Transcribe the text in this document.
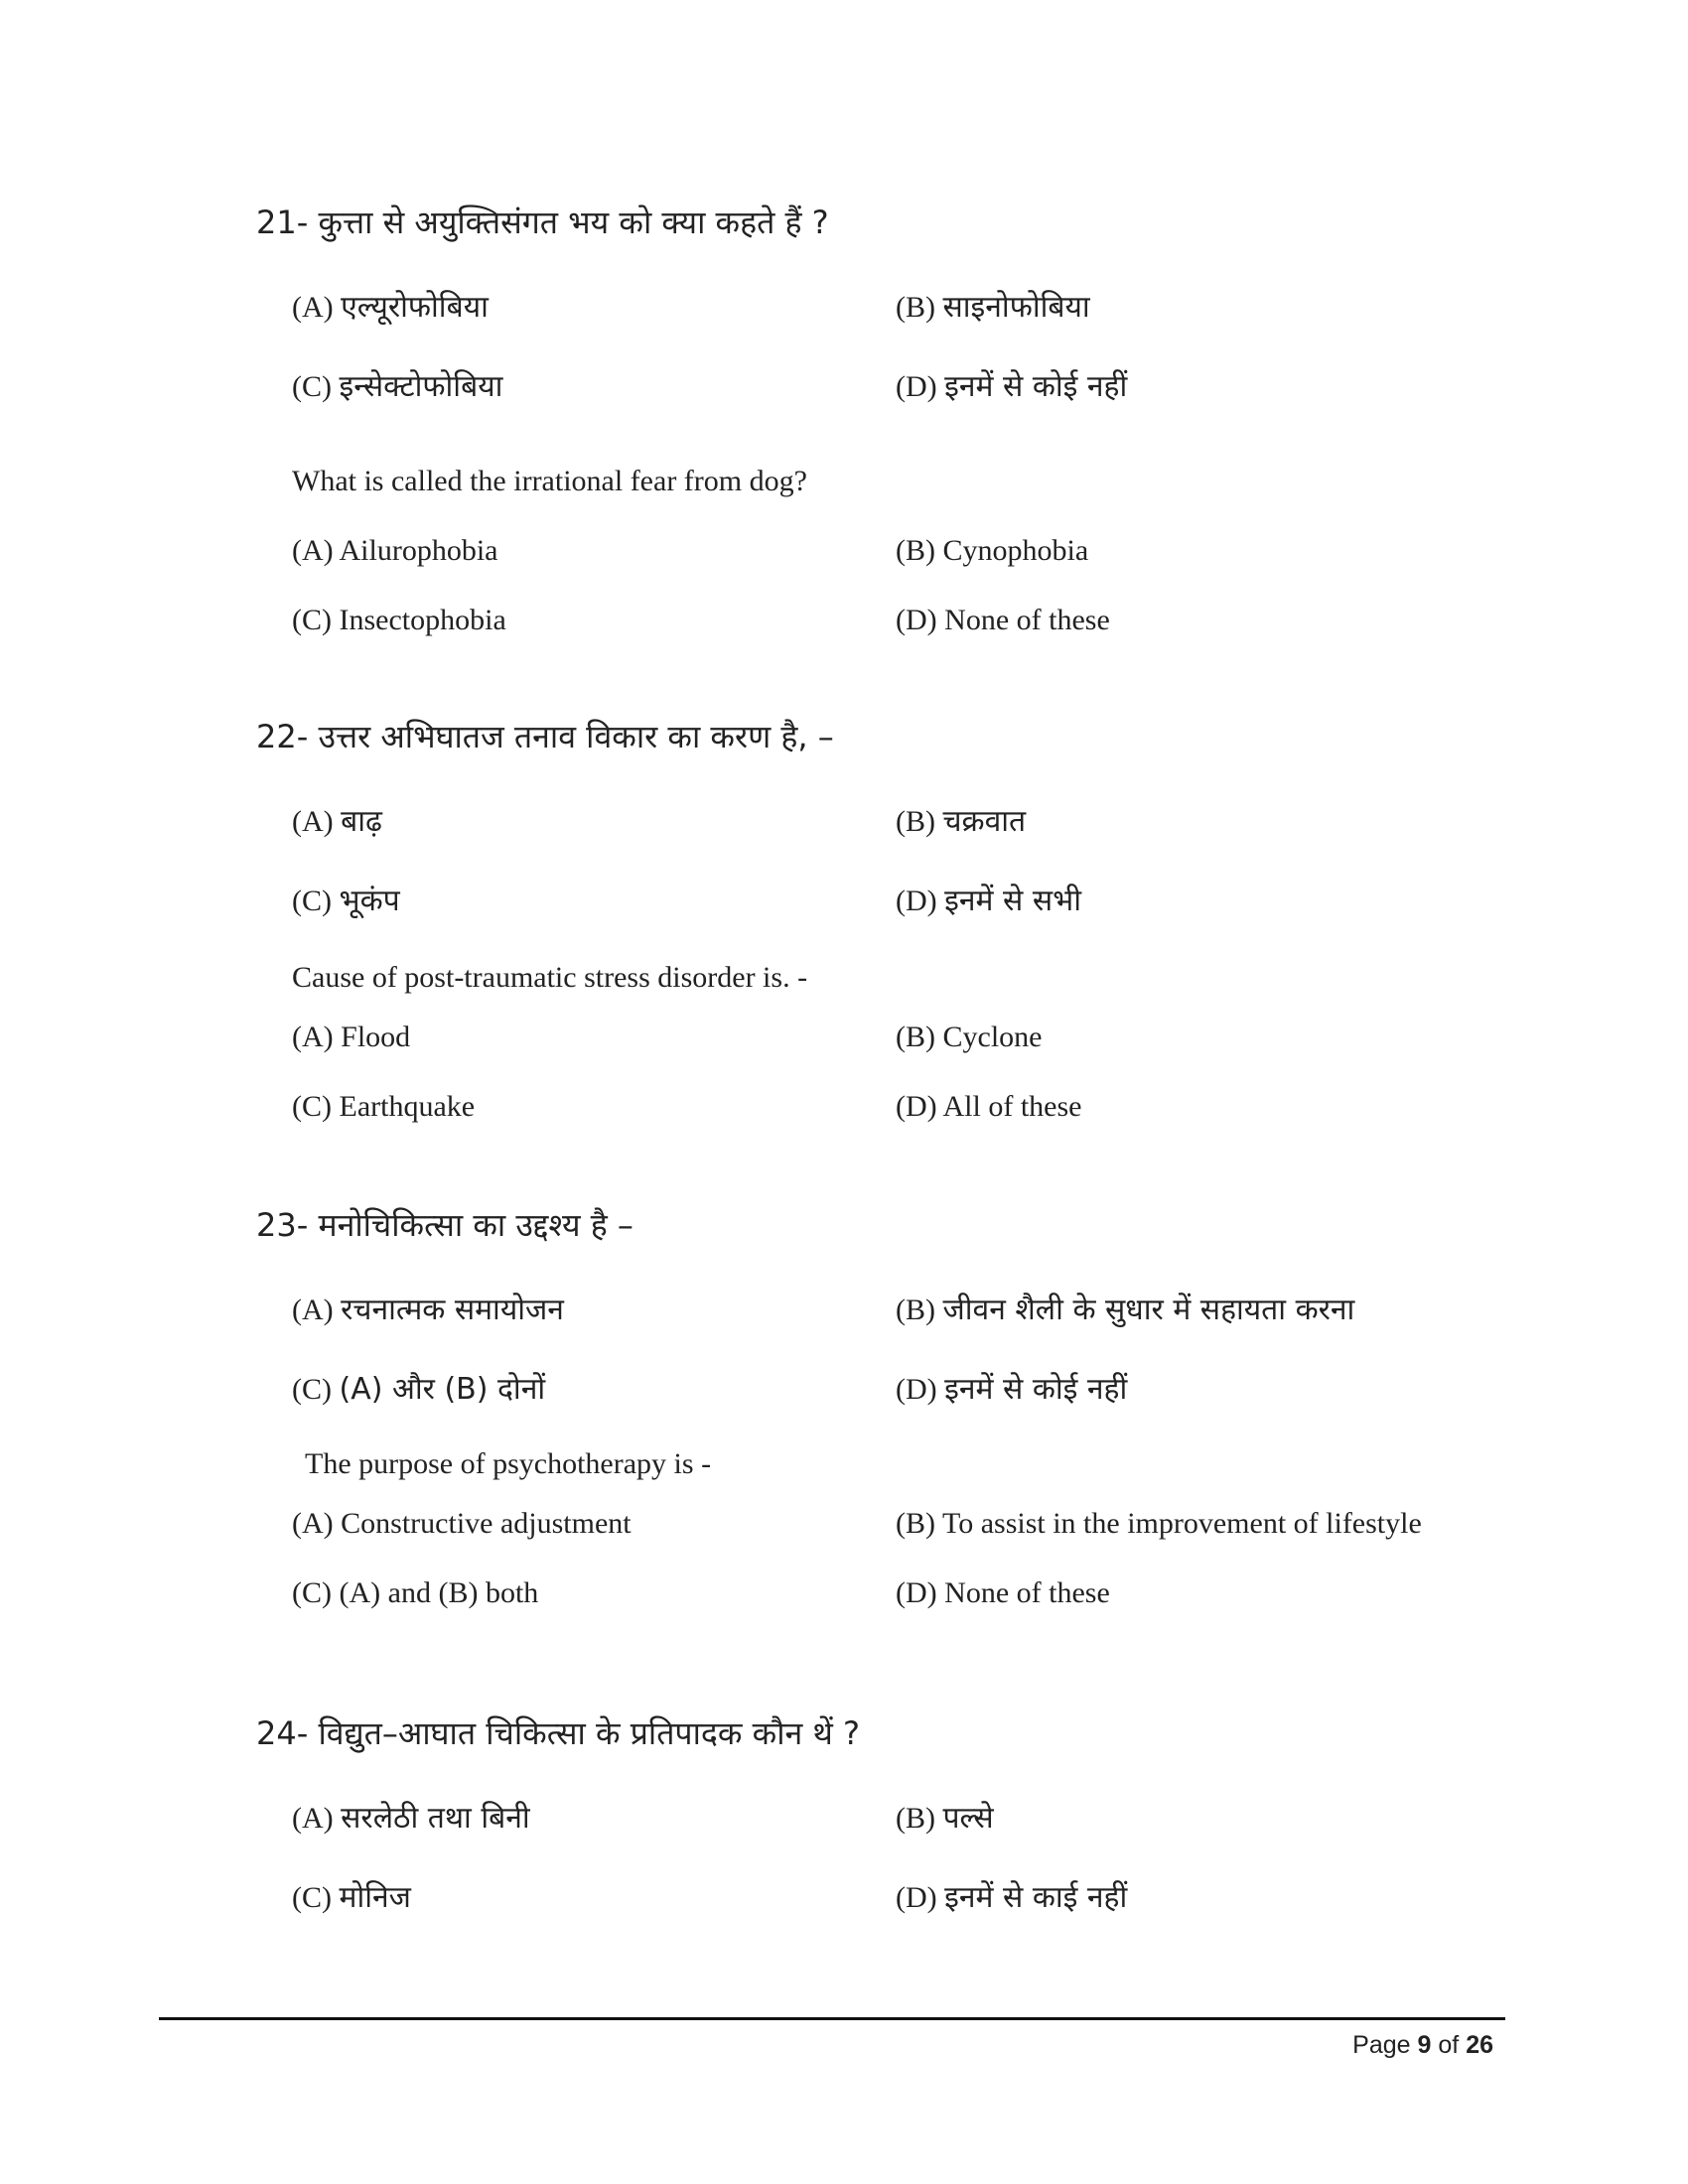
21- कुत्ता से अयुक्तिसंगत भय को क्या कहते हैं ?
(A) एल्यूरोफोबिया	(B) साइनोफोबिया
(C) इन्सेक्टोफोबिया	(D) इनमें से कोई नहीं
What is called the irrational fear from dog?
(A) Ailurophobia	(B) Cynophobia
(C) Insectophobia	(D) None of these
22- उत्तर अभिघातज तनाव विकार का करण है, –
(A) बाढ़	(B) चक्रवात
(C) भूकंप	(D) इनमें से सभी
Cause of post-traumatic stress disorder is. -
(A) Flood	(B) Cyclone
(C) Earthquake	(D) All of these
23- मनोचिकित्सा का उद्दश्य है –
(A) रचनात्मक समायोजन	(B) जीवन शैली के सुधार में सहायता करना
(C) (A) और (B) दोनों	(D) इनमें से कोई नहीं
The purpose of psychotherapy is -
(A) Constructive adjustment	(B) To assist in the improvement of lifestyle
(C) (A) and (B) both	(D) None of these
24- विद्युत–आघात चिकित्सा के प्रतिपादक कौन थें ?
(A) सरलेठी तथा बिनी	(B) पल्से
(C) मोनिज	(D) इनमें से काई नहीं
Page 9 of 26
